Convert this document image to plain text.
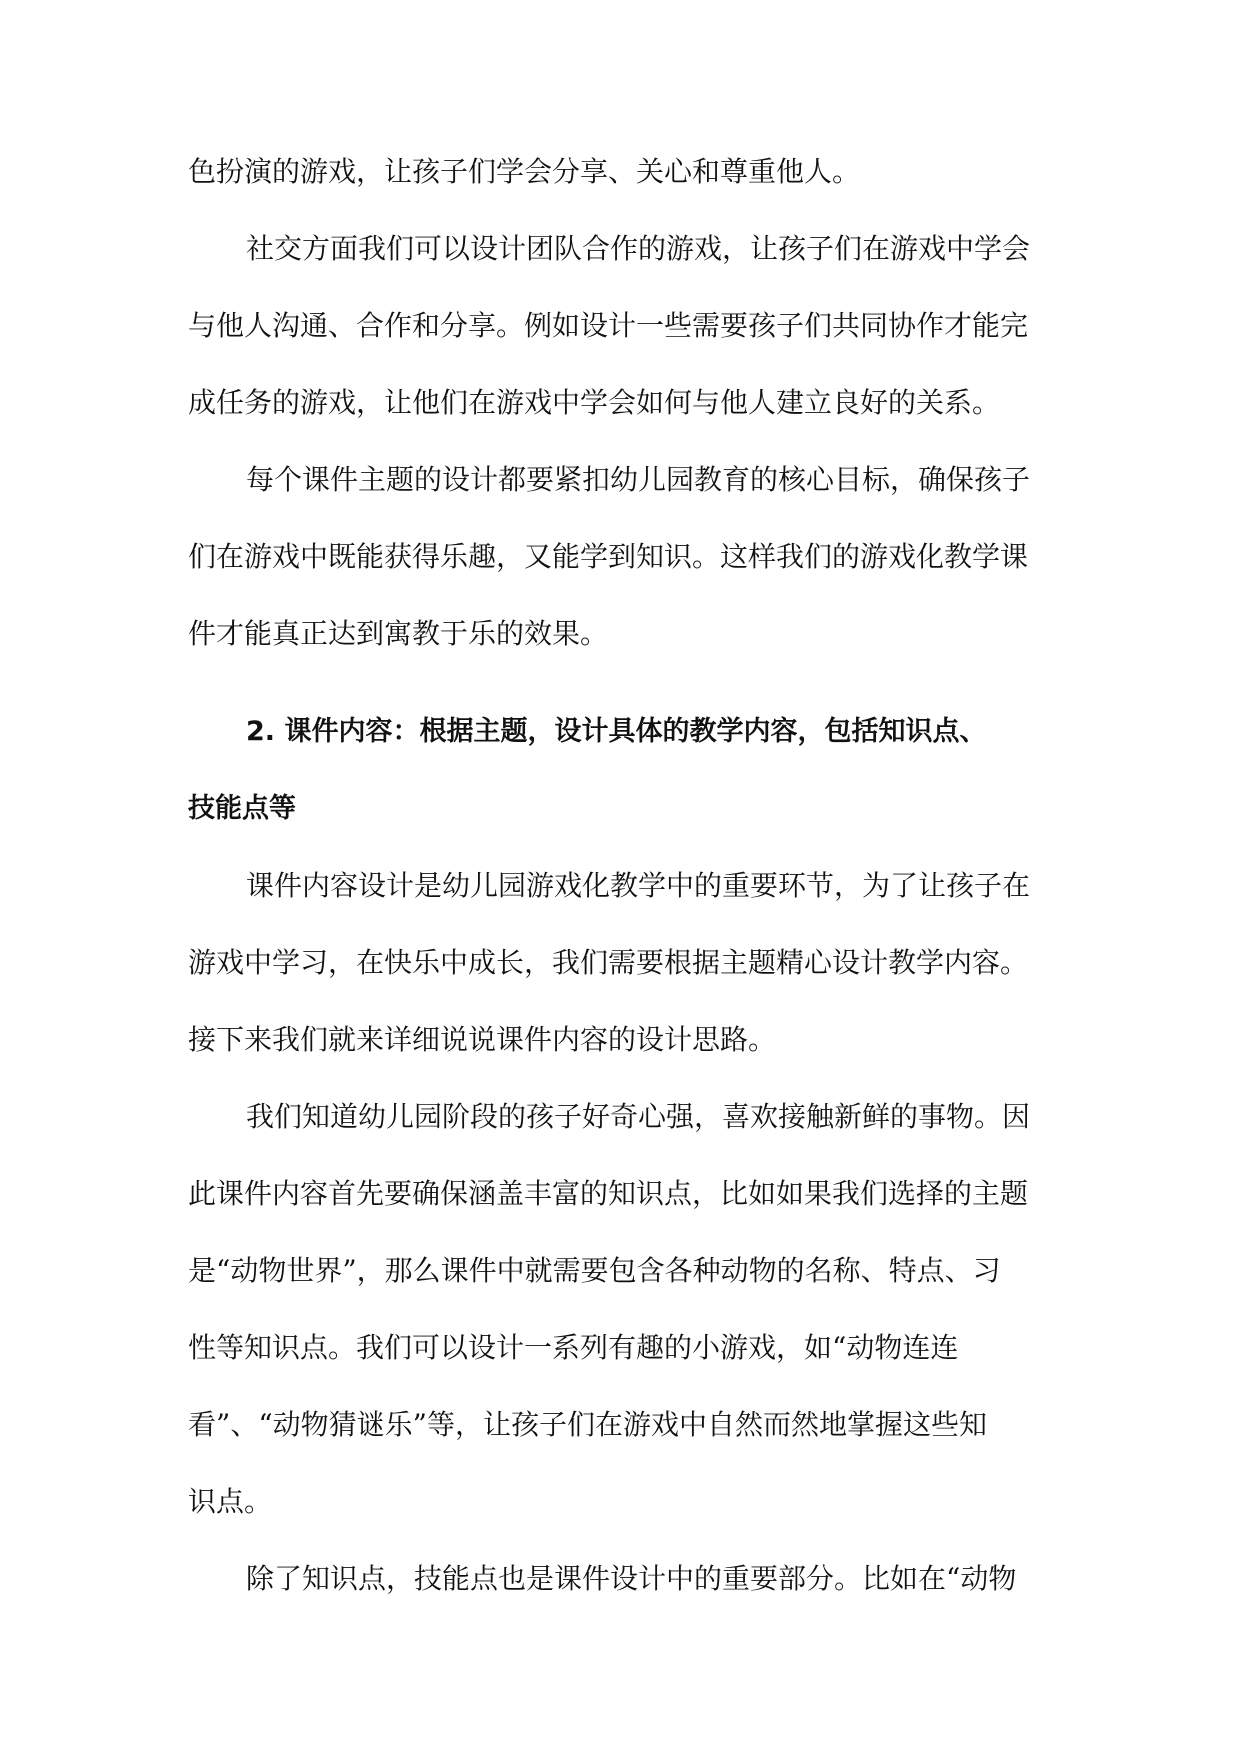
色扮演的游戏，让孩子们学会分享、关心和尊重他人。
社交方面我们可以设计团队合作的游戏，让孩子们在游戏中学会
与他人沟通、合作和分享。例如设计一些需要孩子们共同协作才能完
成任务的游戏，让他们在游戏中学会如何与他人建立良好的关系。
每个课件主题的设计都要紧扣幼儿园教育的核心目标，确保孩子
们在游戏中既能获得乐趣，又能学到知识。这样我们的游戏化教学课
件才能真正达到寓教于乐的效果。
2. 课件内容：根据主题，设计具体的教学内容，包括知识点、
技能点等
课件内容设计是幼儿园游戏化教学中的重要环节，为了让孩子在
游戏中学习，在快乐中成长，我们需要根据主题精心设计教学内容。
接下来我们就来详细说说课件内容的设计思路。
我们知道幼儿园阶段的孩子好奇心强，喜欢接触新鲜的事物。因
此课件内容首先要确保涵盖丰富的知识点，比如如果我们选择的主题
是“动物世界”，那么课件中就需要包含各种动物的名称、特点、习
性等知识点。我们可以设计一系列有趣的小游戏，如“动物连连
看”、“动物猜谜乐”等，让孩子们在游戏中自然而然地掌握这些知
识点。
除了知识点，技能点也是课件设计中的重要部分。比如在“动物
